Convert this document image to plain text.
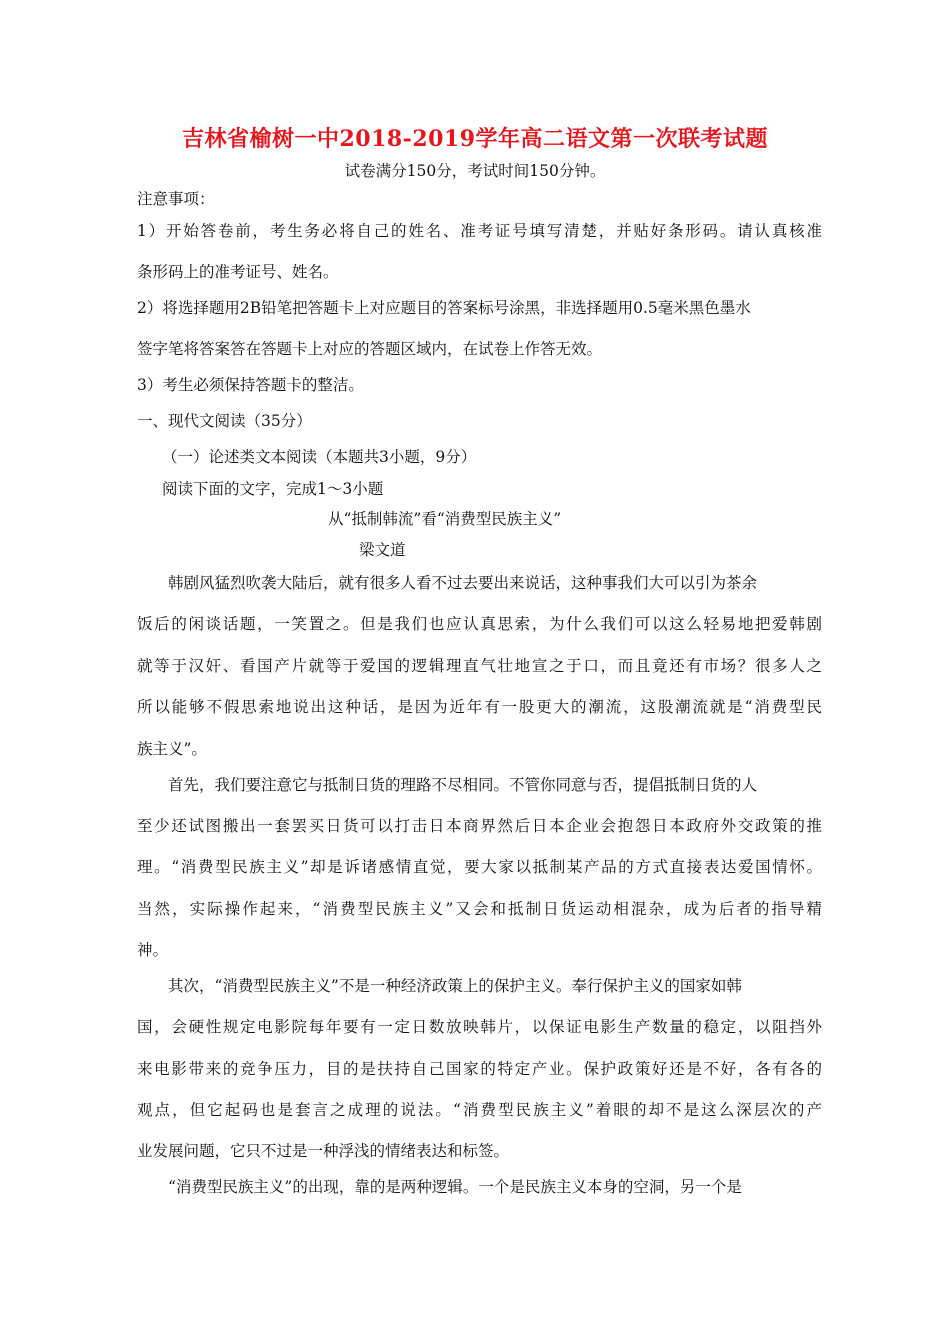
吉林省榆树一中2018-2019学年高二语文第一次联考试题
试卷满分150分，考试时间150分钟。
注意事项：
1）开始答卷前，考生务必将自己的姓名、准考证号填写清楚，并贴好条形码。请认真核准
条形码上的准考证号、姓名。
2）将选择题用2B铅笔把答题卡上对应题目的答案标号涂黑，非选择题用0.5毫米黑色墨水
签字笔将答案答在答题卡上对应的答题区域内，在试卷上作答无效。
3）考生必须保持答题卡的整洁。
一、现代文阅读（35分）
（一）论述类文本阅读（本题共3小题，9分）
阅读下面的文字，完成1～3小题
从“抵制韩流”看“消费型民族主义”
梁文道
韩剧风猛烈吹袭大陆后，就有很多人看不过去要出来说话，这种事我们大可以引为茶余
饭后的闲谈话题，一笑置之。但是我们也应认真思索，为什么我们可以这么轻易地把爱韩剧
就等于汉奸、看国产片就等于爱国的逻辑理直气壮地宣之于口，而且竟还有市场？很多人之
所以能够不假思索地说出这种话，是因为近年有一股更大的潮流，这股潮流就是“消费型民
族主义”。
首先，我们要注意它与抵制日货的理路不尽相同。不管你同意与否，提倡抵制日货的人
至少还试图搬出一套罢买日货可以打击日本商界然后日本企业会抱怨日本政府外交政策的推
理。“消费型民族主义”却是诉诸感情直觉，要大家以抵制某产品的方式直接表达爱国情怀。
当然，实际操作起来，“消费型民族主义”又会和抵制日货运动相混杂，成为后者的指导精
神。
其次，“消费型民族主义”不是一种经济政策上的保护主义。奉行保护主义的国家如韩
国，会硬性规定电影院每年要有一定日数放映韩片，以保证电影生产数量的稳定，以阻挡外
来电影带来的竞争压力，目的是扶持自己国家的特定产业。保护政策好还是不好，各有各的
观点，但它起码也是套言之成理的说法。“消费型民族主义”着眼的却不是这么深层次的产
业发展问题，它只不过是一种浮浅的情绪表达和标签。
“消费型民族主义”的出现，靠的是两种逻辑。一个是民族主义本身的空洞，另一个是
